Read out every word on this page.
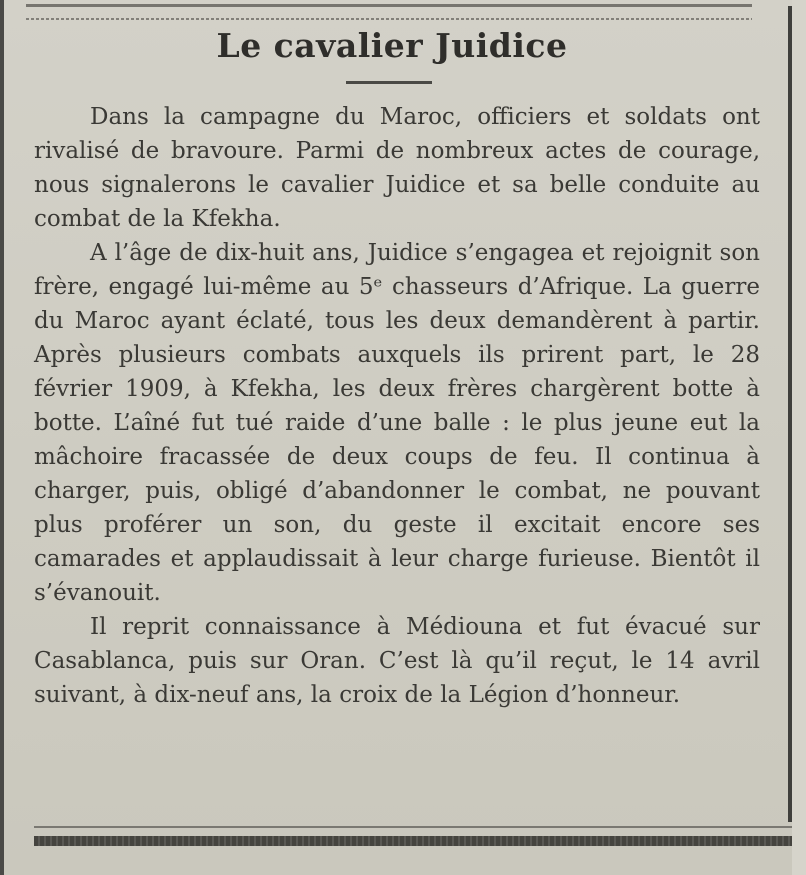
Le cavalier Juidice

Dans la campagne du Maroc, officiers et soldats ont rivalisé de bravoure. Parmi de nombreux actes de courage, nous signalerons le cavalier Juidice et sa belle conduite au combat de la Kfekha.

A l’âge de dix-huit ans, Juidice s’engagea et rejoignit son frère, engagé lui-même au 5ᵉ chasseurs d’Afrique. La guerre du Maroc ayant éclaté, tous les deux demandèrent à partir. Après plusieurs combats auxquels ils prirent part, le 28 février 1909, à Kfekha, les deux frères chargèrent botte à botte. L’aîné fut tué raide d’une balle : le plus jeune eut la mâchoire fracassée de deux coups de feu. Il continua à charger, puis, obligé d’abandonner le combat, ne pouvant plus proférer un son, du geste il excitait encore ses camarades et applaudissait à leur charge furieuse. Bientôt il s’évanouit.

Il reprit connaissance à Médiouna et fut évacué sur Casablanca, puis sur Oran. C’est là qu’il reçut, le 14 avril suivant, à dix-neuf ans, la croix de la Légion d’honneur.
